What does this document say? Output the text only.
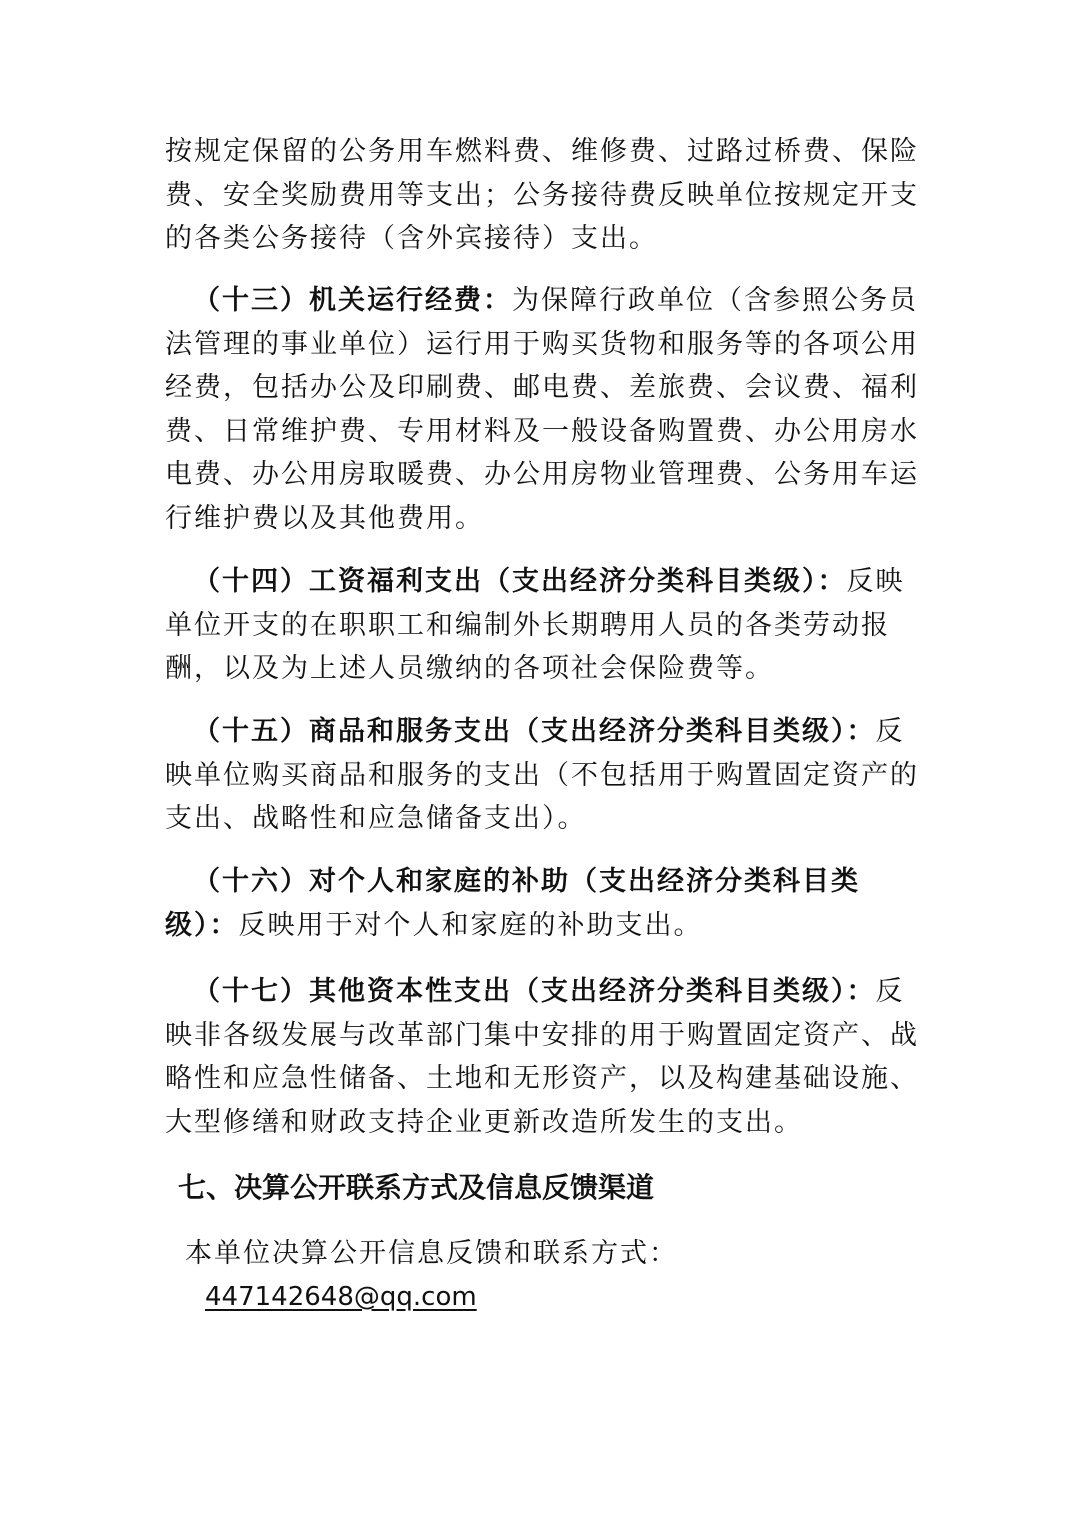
按规定保留的公务用车燃料费、维修费、过路过桥费、保险费、安全奖励费用等支出；公务接待费反映单位按规定开支的各类公务接待（含外宾接待）支出。

（十三）机关运行经费：为保障行政单位（含参照公务员法管理的事业单位）运行用于购买货物和服务等的各项公用经费，包括办公及印刷费、邮电费、差旅费、会议费、福利费、日常维护费、专用材料及一般设备购置费、办公用房水电费、办公用房取暖费、办公用房物业管理费、公务用车运行维护费以及其他费用。

（十四）工资福利支出（支出经济分类科目类级）：反映单位开支的在职职工和编制外长期聘用人员的各类劳动报酬，以及为上述人员缴纳的各项社会保险费等。

（十五）商品和服务支出（支出经济分类科目类级）：反映单位购买商品和服务的支出（不包括用于购置固定资产的支出、战略性和应急储备支出）。

（十六）对个人和家庭的补助（支出经济分类科目类级）：反映用于对个人和家庭的补助支出。

（十七）其他资本性支出（支出经济分类科目类级）：反映非各级发展与改革部门集中安排的用于购置固定资产、战略性和应急性储备、土地和无形资产，以及构建基础设施、大型修缮和财政支持企业更新改造所发生的支出。

七、决算公开联系方式及信息反馈渠道

本单位决算公开信息反馈和联系方式：

447142648@qq.com
